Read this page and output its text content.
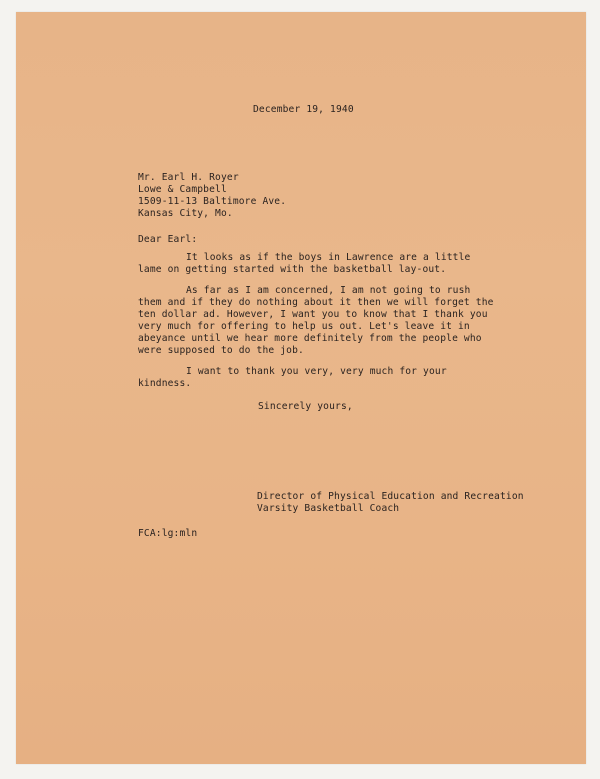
December 19, 1940
Mr. Earl H. Royer
Lowe & Campbell
1509-11-13 Baltimore Ave.
Kansas City, Mo.
Dear Earl:
It looks as if the boys in Lawrence are a little
lame on getting started with the basketball lay-out.
As far as I am concerned, I am not going to rush
them and if they do nothing about it then we will forget the
ten dollar ad. However, I want you to know that I thank you
very much for offering to help us out. Let's leave it in
abeyance until we hear more definitely from the people who
were supposed to do the job.
I want to thank you very, very much for your
kindness.
Sincerely yours,
Director of Physical Education and Recreation
Varsity Basketball Coach
FCA:lg:mln
